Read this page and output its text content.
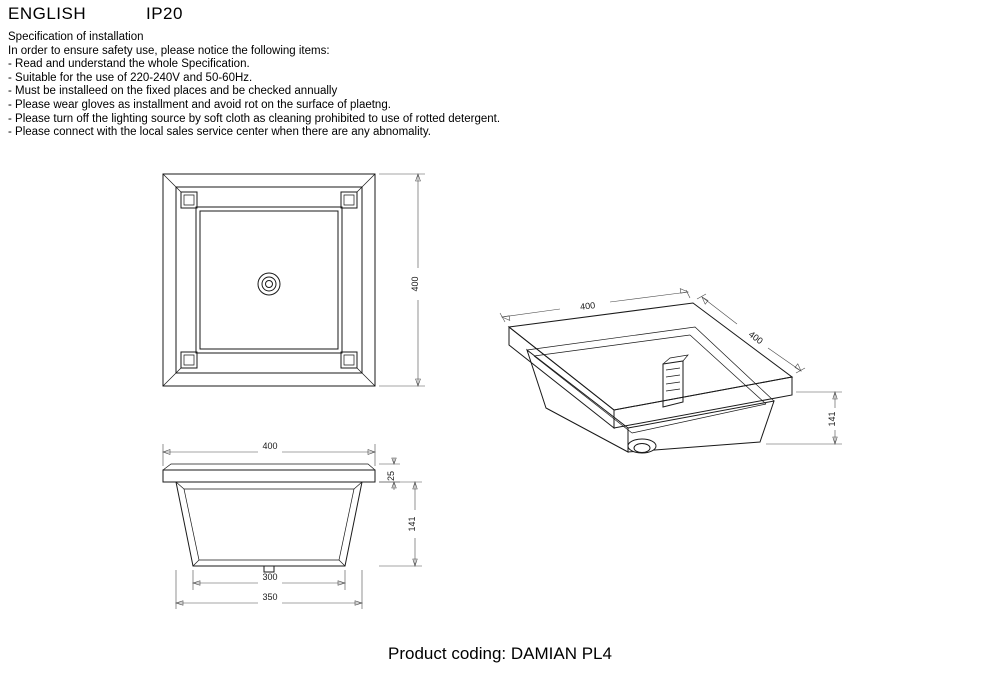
ENGLISH	IP20
Specification of installation
In order to ensure safety use, please notice the following items:
- Read and understand the whole Specification.
- Suitable for the use of 220-240V and 50-60Hz.
- Must be installeed on the fixed places and be checked annually
- Please wear gloves as installment and avoid rot on the surface of plaetng.
- Please turn off the lighting source by soft cloth as cleaning prohibited to use of rotted detergent.
- Please connect with the local sales service center when there are any abnomality.
400
400
25
141
300
350
400
400
141
Product coding: DAMIAN PL4
